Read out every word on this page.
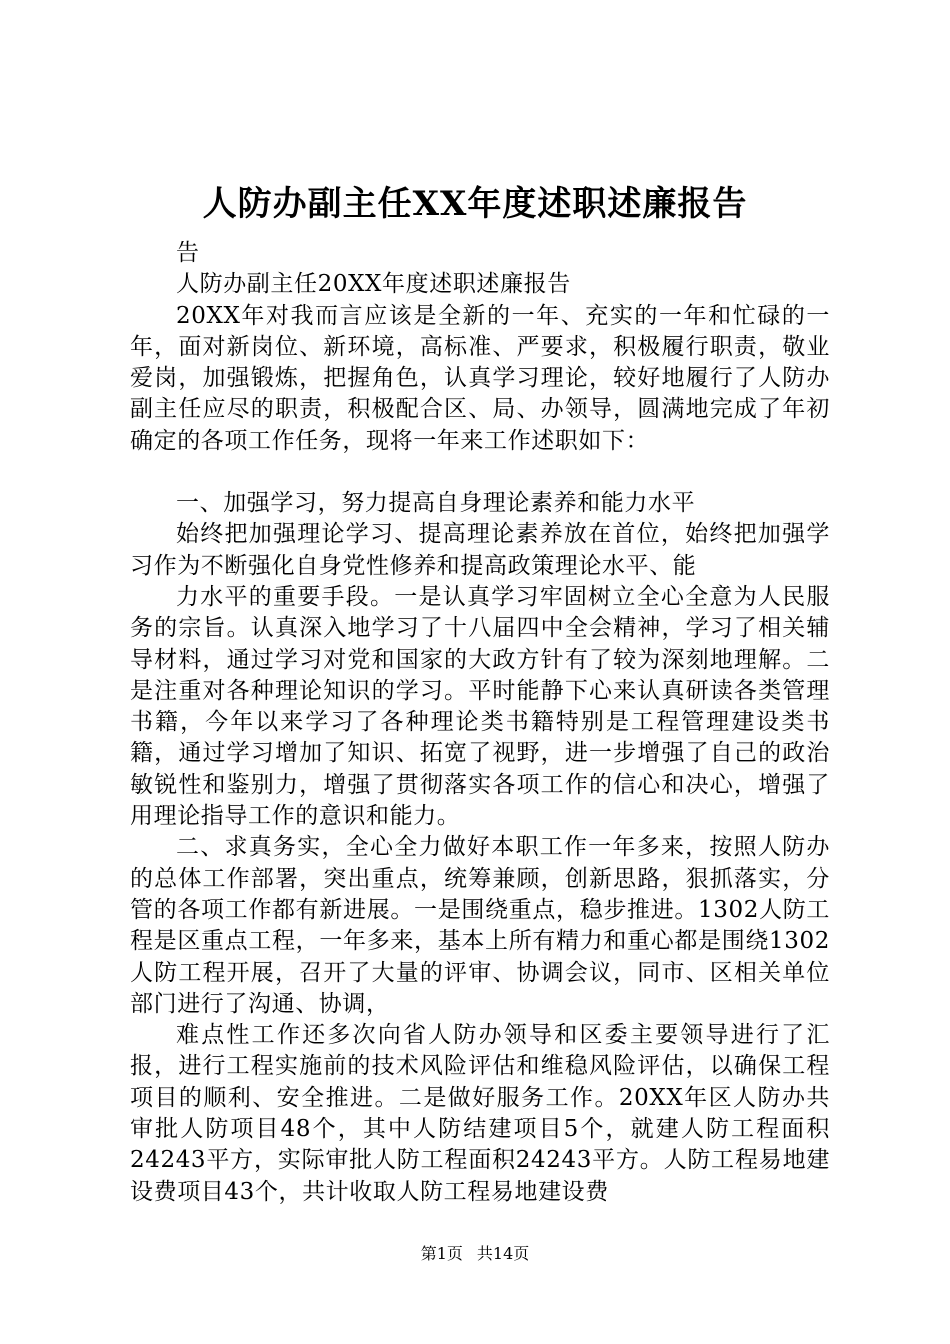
人防办副主任XX年度述职述廉报告

告

人防办副主任20XX年度述职述廉报告

20XX年对我而言应该是全新的一年、充实的一年和忙碌的一年，面对新岗位、新环境，高标准、严要求，积极履行职责，敬业爱岗，加强锻炼，把握角色，认真学习理论，较好地履行了人防办副主任应尽的职责，积极配合区、局、办领导，圆满地完成了年初确定的各项工作任务，现将一年来工作述职如下：

一、加强学习，努力提高自身理论素养和能力水平

始终把加强理论学习、提高理论素养放在首位，始终把加强学习作为不断强化自身党性修养和提高政策理论水平、能

力水平的重要手段。一是认真学习牢固树立全心全意为人民服务的宗旨。认真深入地学习了十八届四中全会精神，学习了相关辅导材料，通过学习对党和国家的大政方针有了较为深刻地理解。二是注重对各种理论知识的学习。平时能静下心来认真研读各类管理书籍，今年以来学习了各种理论类书籍特别是工程管理建设类书籍，通过学习增加了知识、拓宽了视野，进一步增强了自己的政治敏锐性和鉴别力，增强了贯彻落实各项工作的信心和决心，增强了用理论指导工作的意识和能力。

二、求真务实，全心全力做好本职工作一年多来，按照人防办的总体工作部署，突出重点，统筹兼顾，创新思路，狠抓落实，分管的各项工作都有新进展。一是围绕重点，稳步推进。1302人防工程是区重点工程，一年多来，基本上所有精力和重心都是围绕1302人防工程开展，召开了大量的评审、协调会议，同市、区相关单位部门进行了沟通、协调，

难点性工作还多次向省人防办领导和区委主要领导进行了汇报，进行工程实施前的技术风险评估和维稳风险评估，以确保工程项目的顺利、安全推进。二是做好服务工作。20XX年区人防办共审批人防项目48个，其中人防结建项目5个，就建人防工程面积24243平方，实际审批人防工程面积24243平方。人防工程易地建设费项目43个，共计收取人防工程易地建设费

第1页 共14页
